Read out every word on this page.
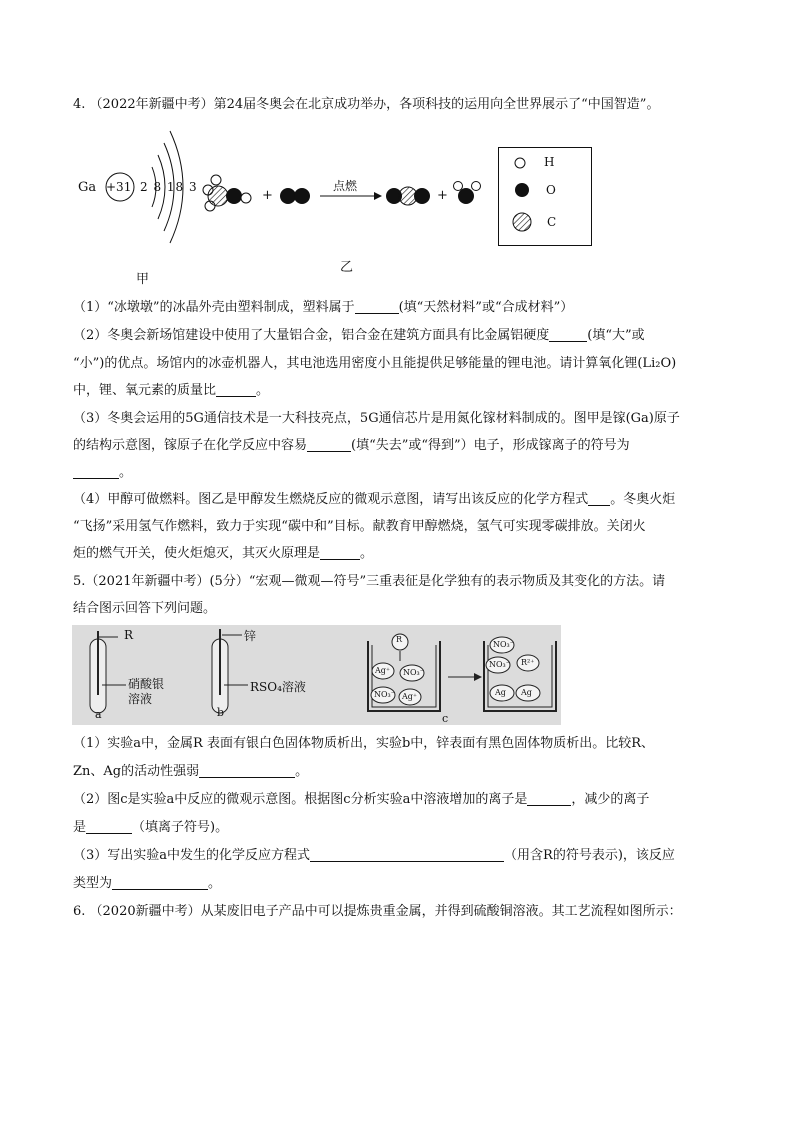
4. （2022年新疆中考）第24届冬奥会在北京成功举办，各项科技的运用向全世界展示了“中国智造”。
Ga +31 2 8 18 3
甲
+
点燃
+
乙
H
O
C
（1）“冰墩墩”的冰晶外壳由塑料制成，塑料属于	(填“天然材料”或“合成材料”）
（2）冬奥会新场馆建设中使用了大量铝合金，铝合金在建筑方面具有比金属铝硬度	(填“大”或
“小”)的优点。场馆内的冰壶机器人，其电池选用密度小且能提供足够能量的锂电池。请计算氧化锂(Li₂O)
中，锂、氧元素的质量比	。
（3）冬奥会运用的5G通信技术是一大科技亮点，5G通信芯片是用氮化镓材料制成的。图甲是镓(Ga)原子
的结构示意图，镓原子在化学反应中容易	(填“失去”或“得到”）电子，形成镓离子的符号为
。
（4）甲醇可做燃料。图乙是甲醇发生燃烧反应的微观示意图，请写出该反应的化学方程式 。冬奥火炬
“飞扬”采用氢气作燃料，致力于实现“碳中和”目标。献教育甲醇燃烧，氢气可实现零碳排放。关闭火
炬的燃气开关，使火炬熄灭，其灭火原理是	。
5.（2021年新疆中考）(5分）“宏观—微观—符号”三重表征是化学独有的表示物质及其变化的方法。请
结合图示回答下列问题。
R
硝酸银
溶液
a
锌
RSO₄溶液
b	c
R
Ag⁺ NO₃⁻
NO₃⁻ Ag⁺
NO₃⁻
NO₃⁻ R²⁺
Ag Ag
（1）实验a中，金属R 表面有银白色固体物质析出，实验b中，锌表面有黑色固体物质析出。比较R、
Zn、Ag的活动性强弱	。
（2）图c是实验a中反应的微观示意图。根据图c分析实验a中溶液增加的离子是	，减少的离子
是	（填离子符号)。
（3）写出实验a中发生的化学反应方程式	（用含R的符号表示)，该反应
类型为	。
6. （2020新疆中考）从某废旧电子产品中可以提炼贵重金属，并得到硫酸铜溶液。其工艺流程如图所示：
